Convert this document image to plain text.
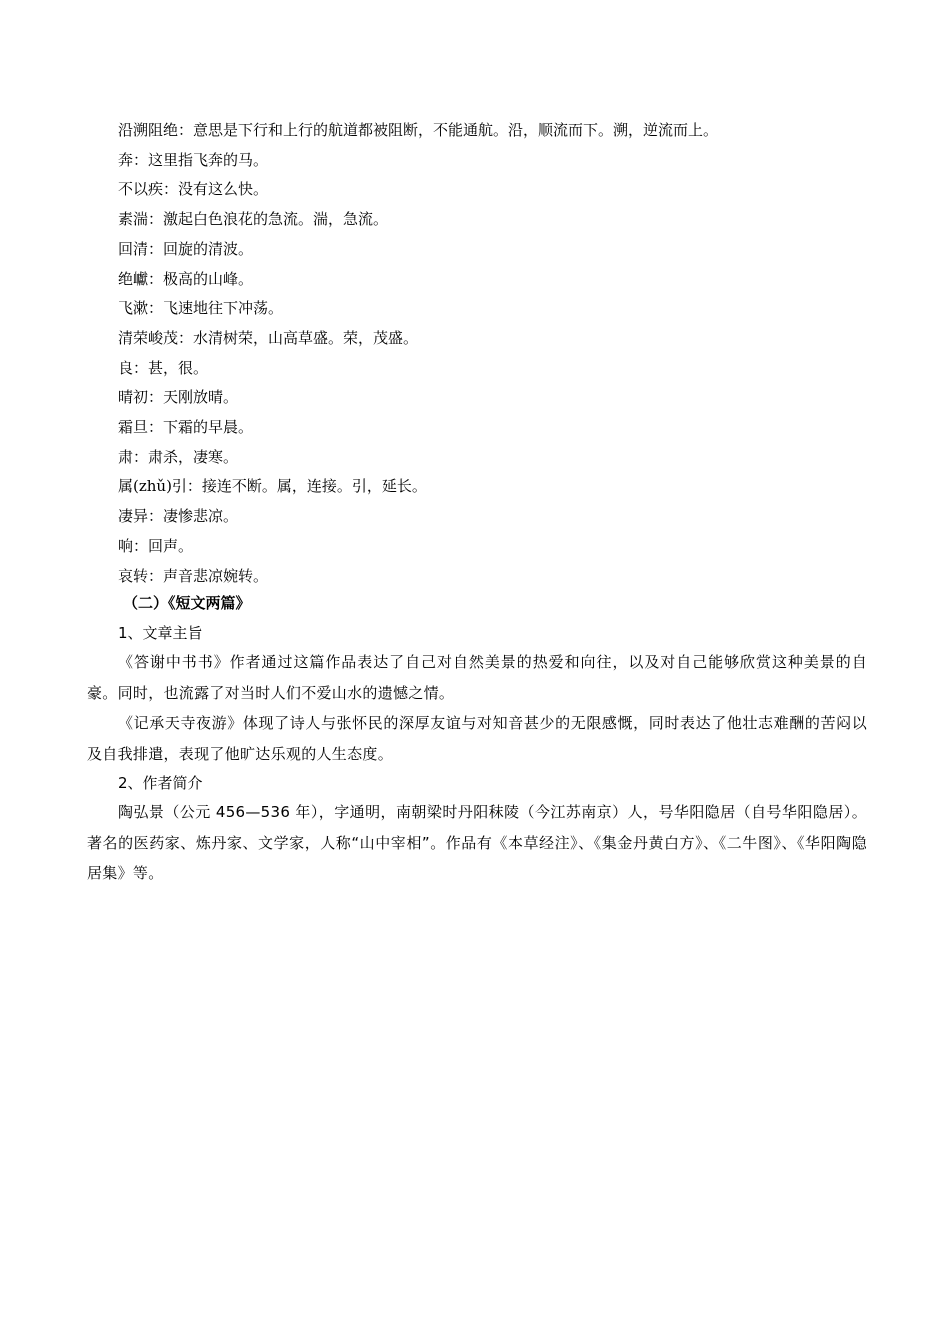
沿溯阻绝：意思是下行和上行的航道都被阻断，不能通航。沿，顺流而下。溯，逆流而上。
奔：这里指飞奔的马。
不以疾：没有这么快。
素湍：激起白色浪花的急流。湍，急流。
回清：回旋的清波。
绝巘：极高的山峰。
飞漱：飞速地往下冲荡。
清荣峻茂：水清树荣，山高草盛。荣，茂盛。
良：甚，很。
晴初：天刚放晴。
霜旦：下霜的早晨。
肃：肃杀，凄寒。
属(zhǔ)引：接连不断。属，连接。引，延长。
凄异：凄惨悲凉。
响：回声。
哀转：声音悲凉婉转。
（二）《短文两篇》
1、文章主旨
《答谢中书书》作者通过这篇作品表达了自己对自然美景的热爱和向往，以及对自己能够欣赏这种美景的自豪。同时，也流露了对当时人们不爱山水的遗憾之情。
《记承天寺夜游》体现了诗人与张怀民的深厚友谊与对知音甚少的无限感慨，同时表达了他壮志难酬的苦闷以及自我排遣，表现了他旷达乐观的人生态度。
2、作者简介
陶弘景（公元 456—536 年），字通明，南朝梁时丹阳秣陵（今江苏南京）人，号华阳隐居（自号华阳隐居）。著名的医药家、炼丹家、文学家，人称“山中宰相”。作品有《本草经注》、《集金丹黄白方》、《二牛图》、《华阳陶隐居集》等。
